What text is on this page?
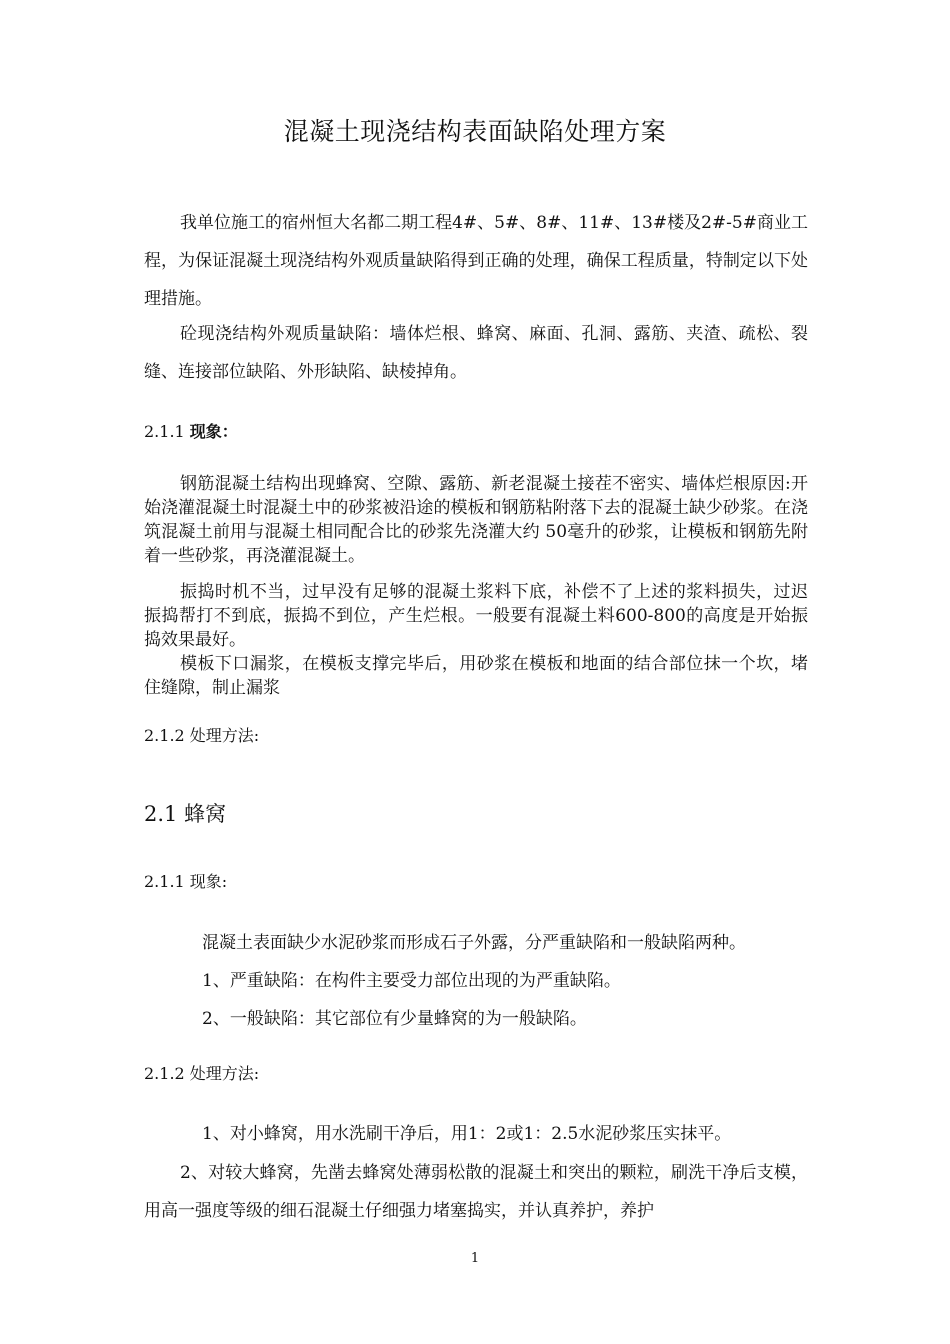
混凝土现浇结构表面缺陷处理方案

我单位施工的宿州恒大名都二期工程4#、5#、8#、11#、13#楼及2#-5#商业工程，为保证混凝土现浇结构外观质量缺陷得到正确的处理，确保工程质量，特制定以下处理措施。

砼现浇结构外观质量缺陷：墙体烂根、蜂窝、麻面、孔洞、露筋、夹渣、疏松、裂缝、连接部位缺陷、外形缺陷、缺棱掉角。

2.1.1 现象：

钢筋混凝土结构出现蜂窝、空隙、露筋、新老混凝土接茬不密实、墙体烂根原因:开始浇灌混凝土时混凝土中的砂浆被沿途的模板和钢筋粘附落下去的混凝土缺少砂浆。在浇筑混凝土前用与混凝土相同配合比的砂浆先浇灌大约 50毫升的砂浆，让模板和钢筋先附着一些砂浆，再浇灌混凝土。

振捣时机不当，过早没有足够的混凝土浆料下底，补偿不了上述的浆料损失，过迟振捣帮打不到底，振捣不到位，产生烂根。一般要有混凝土料600-800的高度是开始振捣效果最好。

模板下口漏浆，在模板支撑完毕后，用砂浆在模板和地面的结合部位抹一个坎，堵住缝隙，制止漏浆

2.1.2 处理方法:
2.1 蜂窝
2.1.1 现象:

混凝土表面缺少水泥砂浆而形成石子外露，分严重缺陷和一般缺陷两种。

1、严重缺陷：在构件主要受力部位出现的为严重缺陷。

2、一般缺陷：其它部位有少量蜂窝的为一般缺陷。

2.1.2 处理方法:

1、对小蜂窝，用水洗刷干净后，用1：2或1：2.5水泥砂浆压实抹平。

2、对较大蜂窝，先凿去蜂窝处薄弱松散的混凝土和突出的颗粒，刷洗干净后支模，用高一强度等级的细石混凝土仔细强力堵塞捣实，并认真养护，养护

1
